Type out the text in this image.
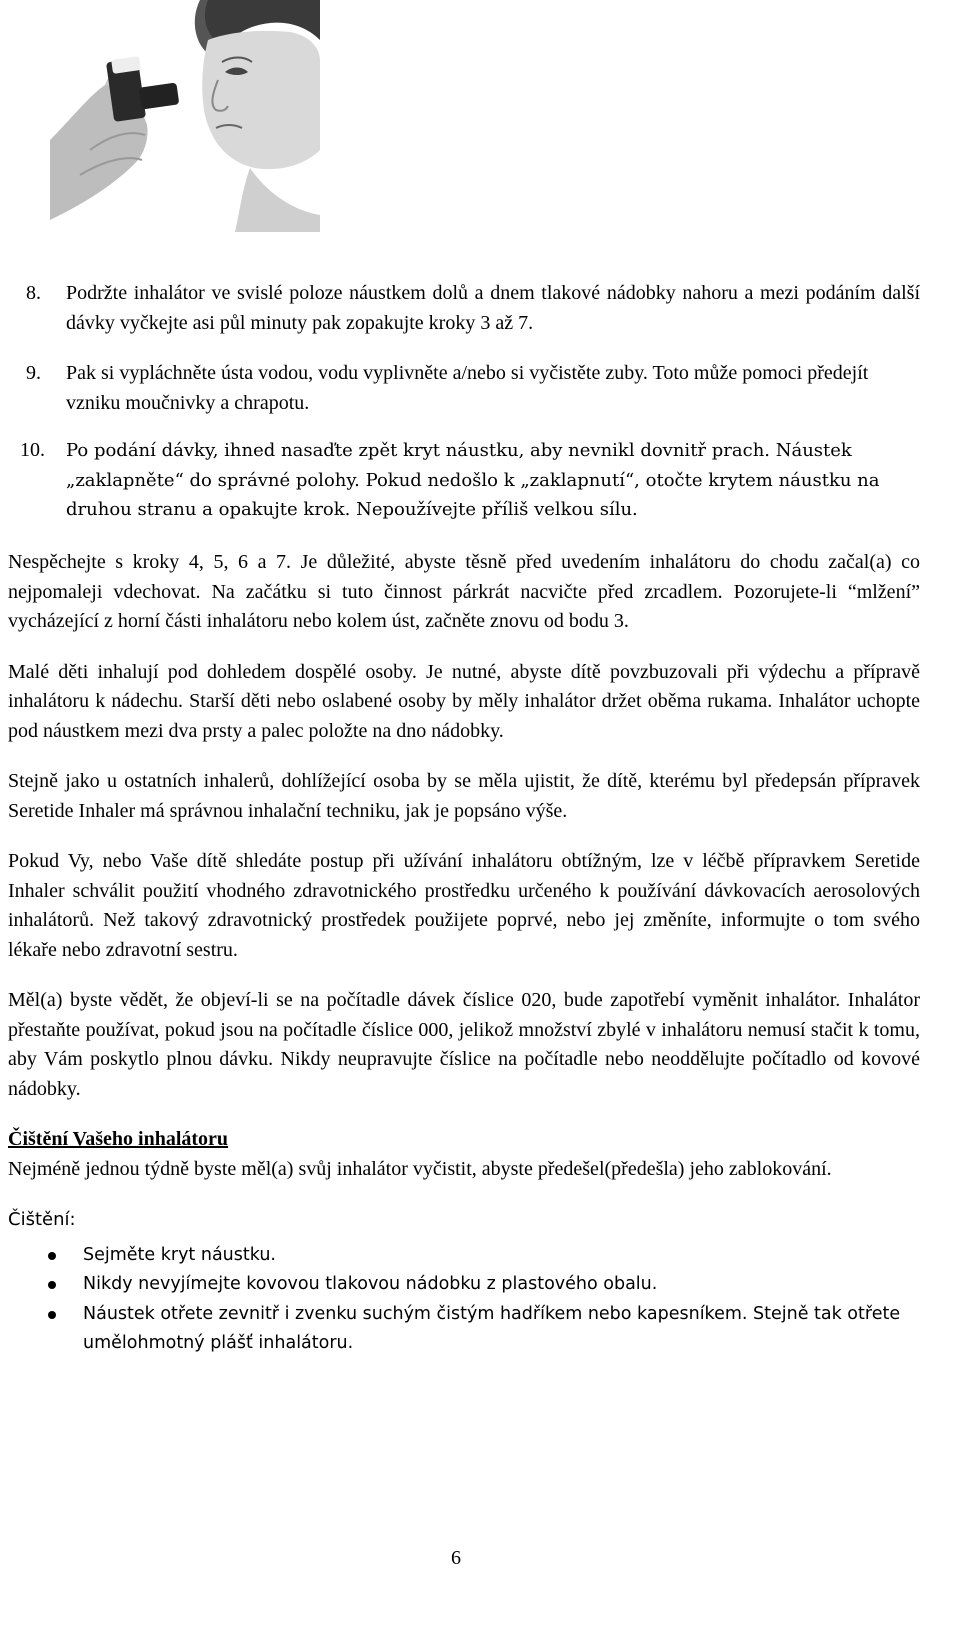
8. Podržte inhalátor ve svislé poloze náustkem dolů a dnem tlakové nádobky nahoru a mezi podáním další dávky vyčkejte asi půl minuty pak zopakujte kroky 3 až 7.
9. Pak si vypláchněte ústa vodou, vodu vyplivněte a/nebo si vyčistěte zuby. Toto může pomoci předejít vzniku moučnivky a chrapotu.
10. Po podání dávky, ihned nasaďte zpět kryt náustku, aby nevnikl dovnitř prach. Náustek „zaklapněte“ do správné polohy. Pokud nedošlo k „zaklapnutí“, otočte krytem náustku na druhou stranu a opakujte krok. Nepoužívejte příliš velkou sílu.

Nespěchejte s kroky 4, 5, 6 a 7. Je důležité, abyste těsně před uvedením inhalátoru do chodu začal(a) co nejpomaleji vdechovat. Na začátku si tuto činnost párkrát nacvičte před zrcadlem. Pozorujete-li “mlžení” vycházející z horní části inhalátoru nebo kolem úst, začněte znovu od bodu 3.

Malé děti inhalují pod dohledem dospělé osoby. Je nutné, abyste dítě povzbuzovali při výdechu a přípravě inhalátoru k nádechu. Starší děti nebo oslabené osoby by měly inhalátor držet oběma rukama. Inhalátor uchopte pod náustkem mezi dva prsty a palec položte na dno nádobky.

Stejně jako u ostatních inhalerů, dohlížející osoba by se měla ujistit, že dítě, kterému byl předepsán přípravek Seretide Inhaler má správnou inhalační techniku, jak je popsáno výše.

Pokud Vy, nebo Vaše dítě shledáte postup při užívání inhalátoru obtížným, lze v léčbě přípravkem Seretide Inhaler schválit použití vhodného zdravotnického prostředku určeného k používání dávkovacích aerosolových inhalátorů. Než takový zdravotnický prostředek použijete poprvé, nebo jej změníte, informujte o tom svého lékaře nebo zdravotní sestru.

Měl(a) byste vědět, že objeví-li se na počítadle dávek číslice 020, bude zapotřebí vyměnit inhalátor. Inhalátor přestaňte používat, pokud jsou na počítadle číslice 000, jelikož množství zbylé v inhalátoru nemusí stačit k tomu, aby Vám poskytlo plnou dávku. Nikdy neupravujte číslice na počítadle nebo neoddělujte počítadlo od kovové nádobky.

Čištění Vašeho inhalátoru

Nejméně jednou týdně byste měl(a) svůj inhalátor vyčistit, abyste předešel(předešla) jeho zablokování.

Čištění:
Sejměte kryt náustku.
Nikdy nevyjímejte kovovou tlakovou nádobku z plastového obalu.
Náustek otřete zevnitř i zvenku suchým čistým hadříkem nebo kapesníkem. Stejně tak otřete umělohmotný plášť inhalátoru.
6
